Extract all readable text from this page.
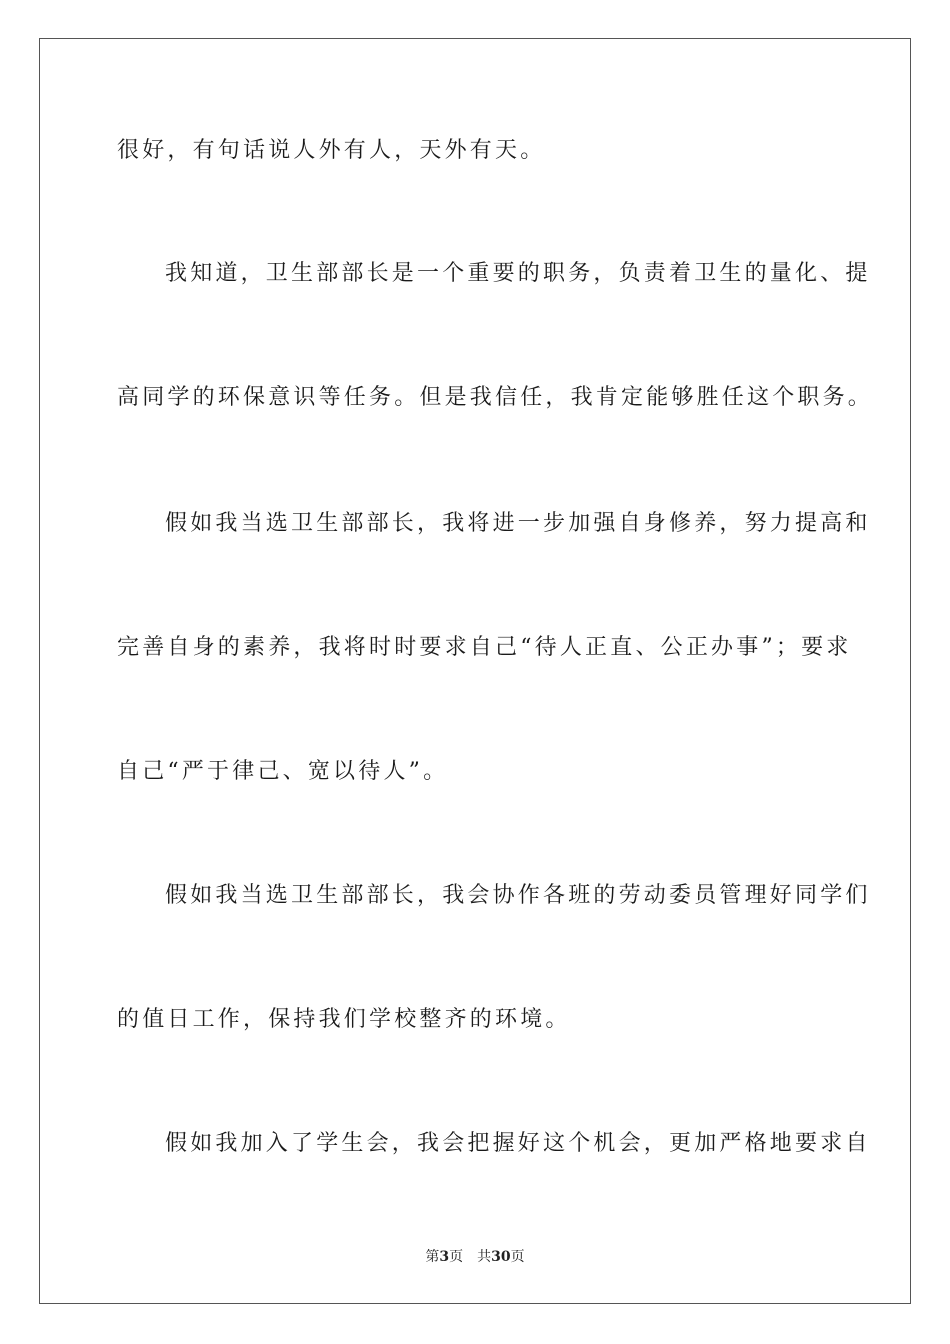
很好，有句话说人外有人，天外有天。
我知道，卫生部部长是一个重要的职务，负责着卫生的量化、提
高同学的环保意识等任务。但是我信任，我肯定能够胜任这个职务。
假如我当选卫生部部长，我将进一步加强自身修养，努力提高和
完善自身的素养，我将时时要求自己“待人正直、公正办事”；要求
自己“严于律己、宽以待人”。
假如我当选卫生部部长，我会协作各班的劳动委员管理好同学们
的值日工作，保持我们学校整齐的环境。
假如我加入了学生会，我会把握好这个机会，更加严格地要求自
第3页 共30页
